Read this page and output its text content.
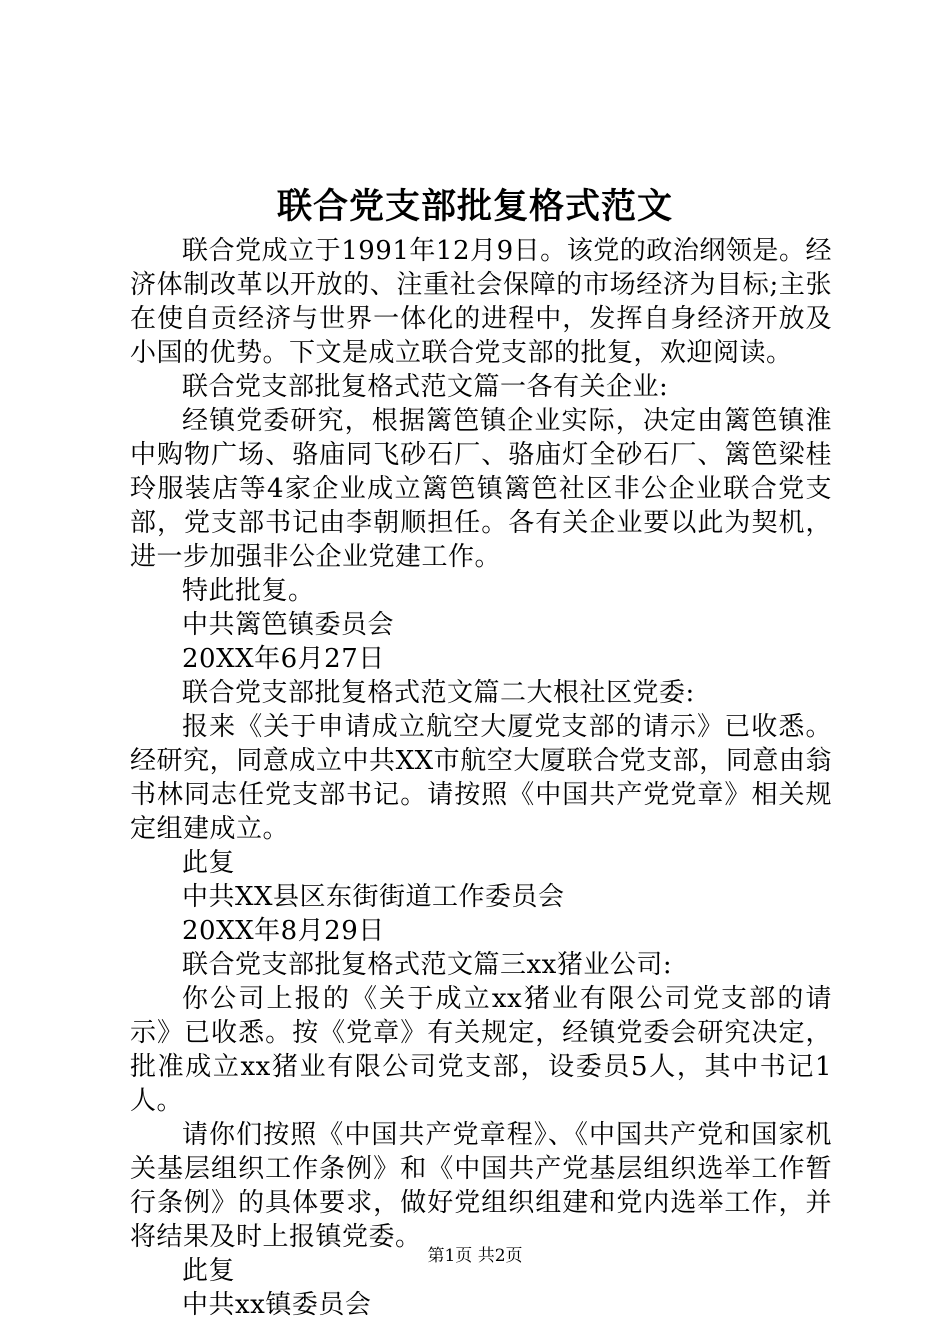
联合党支部批复格式范文

联合党成立于1991年12月9日。该党的政治纲领是。经济体制改革以开放的、注重社会保障的市场经济为目标;主张在使自贡经济与世界一体化的进程中，发挥自身经济开放及小国的优势。下文是成立联合党支部的批复，欢迎阅读。

联合党支部批复格式范文篇一各有关企业:

经镇党委研究，根据篱笆镇企业实际，决定由篱笆镇淮中购物广场、骆庙同飞砂石厂、骆庙灯全砂石厂、篱笆梁桂玲服装店等4家企业成立篱笆镇篱笆社区非公企业联合党支部，党支部书记由李朝顺担任。各有关企业要以此为契机，进一步加强非公企业党建工作。

特此批复。

中共篱笆镇委员会

20XX年6月27日

联合党支部批复格式范文篇二大根社区党委:

报来《关于申请成立航空大厦党支部的请示》已收悉。经研究，同意成立中共XX市航空大厦联合党支部，同意由翁书林同志任党支部书记。请按照《中国共产党党章》相关规定组建成立。

此复

中共XX县区东街街道工作委员会

20XX年8月29日

联合党支部批复格式范文篇三xx猪业公司:

你公司上报的《关于成立xx猪业有限公司党支部的请示》已收悉。按《党章》有关规定，经镇党委会研究决定，批准成立xx猪业有限公司党支部，设委员5人，其中书记1人。

请你们按照《中国共产党章程》、《中国共产党和国家机关基层组织工作条例》和《中国共产党基层组织选举工作暂行条例》的具体要求，做好党组织组建和党内选举工作，并将结果及时上报镇党委。

此复

中共xx镇委员会

第1页 共2页
